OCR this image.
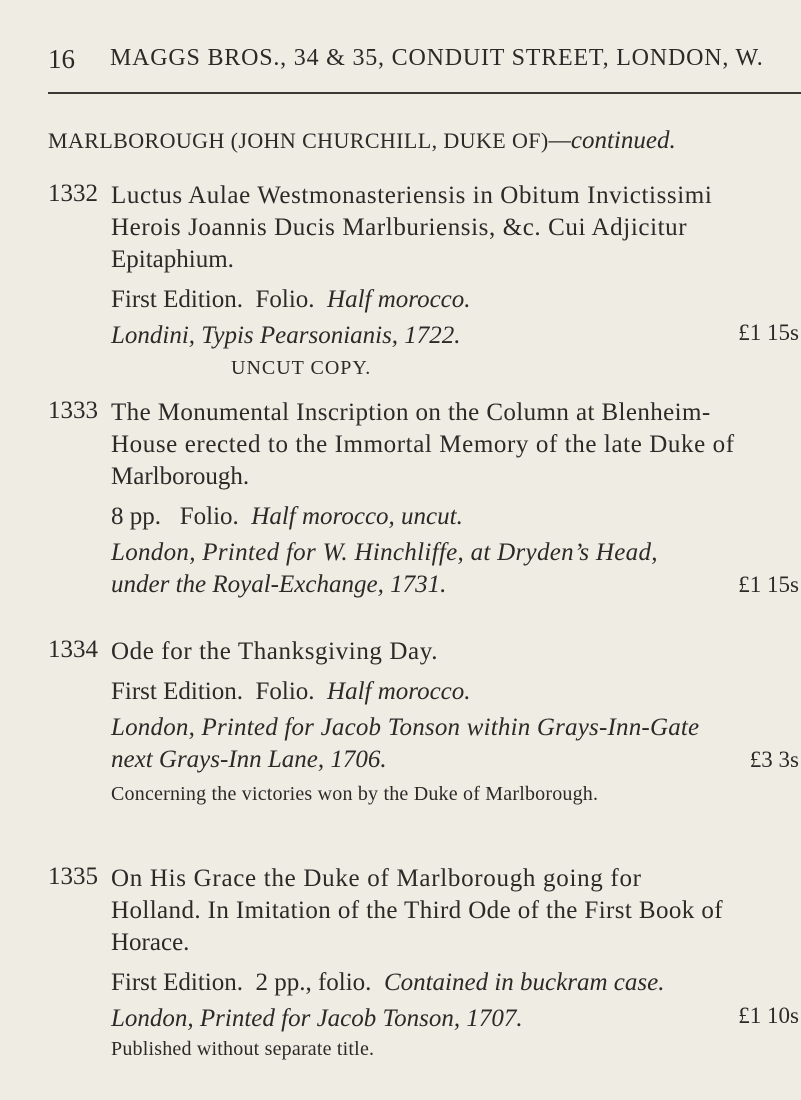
16 MAGGS BROS., 34 & 35, CONDUIT STREET, LONDON, W.
MARLBOROUGH (JOHN CHURCHILL, DUKE OF)—continued.
1332 Luctus Aulae Westmonasteriensis in Obitum Invictissimi
Herois Joannis Ducis Marlburiensis, &c. Cui Adjicitur
Epitaphium.
First Edition. Folio. Half morocco.
Londini, Typis Pearsonianis, 1722.	£1 15s
UNCUT COPY.
1333 The Monumental Inscription on the Column at Blenheim-
House erected to the Immortal Memory of the late Duke of
Marlborough.
8 pp. Folio. Half morocco, uncut.
London, Printed for W. Hinchliffe, at Dryden’s Head,
under the Royal-Exchange, 1731.	£1 15s
1334 Ode for the Thanksgiving Day.
First Edition. Folio. Half morocco.
London, Printed for Jacob Tonson within Grays-Inn-Gate
next Grays-Inn Lane, 1706.	£3 3s
Concerning the victories won by the Duke of Marlborough.
1335 On His Grace the Duke of Marlborough going for
Holland. In Imitation of the Third Ode of the First Book of
Horace.
First Edition. 2 pp., folio. Contained in buckram case.
London, Printed for Jacob Tonson, 1707.	£1 10s
Published without separate title.
